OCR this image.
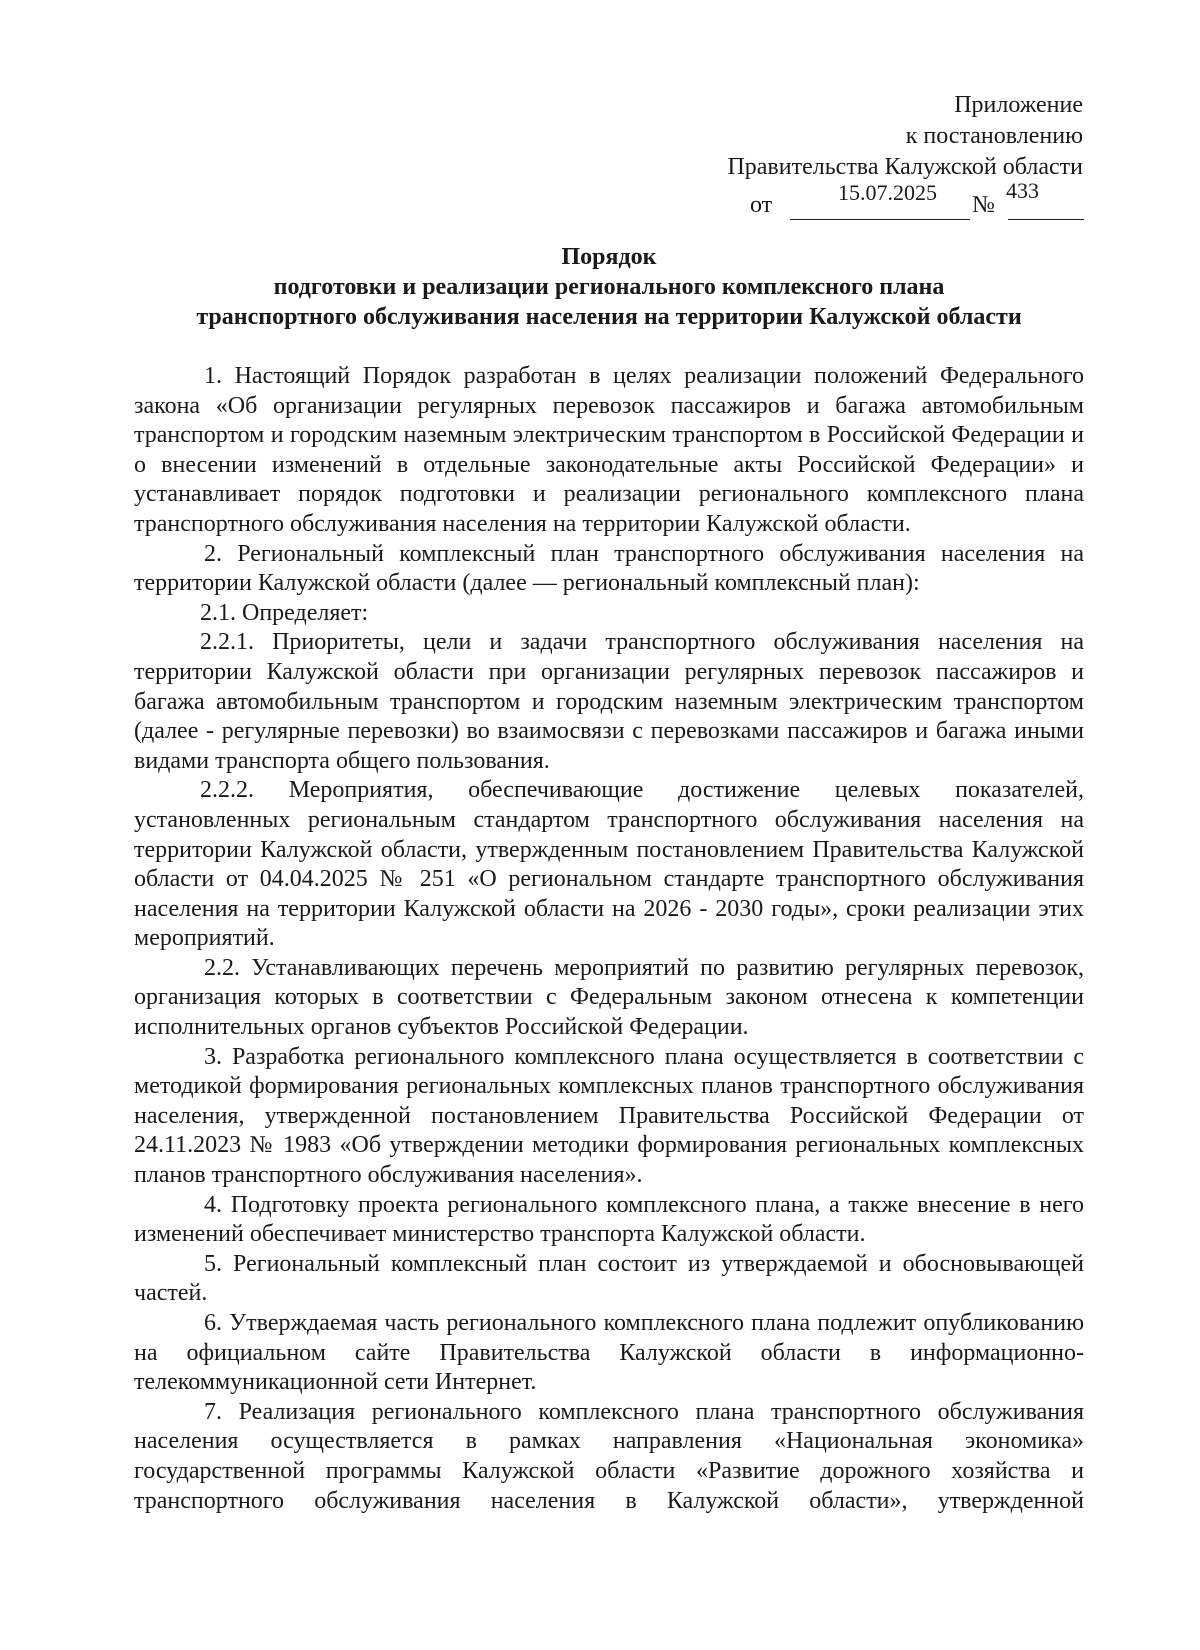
Приложение
к постановлению
Правительства Калужской области
от	15.07.2025 №
433
Порядок
подготовки и реализации регионального комплексного плана
транспортного обслуживания населения на территории Калужской области

1. Настоящий Порядок разработан в целях реализации положений Федерального закона «Об организации регулярных перевозок пассажиров и багажа автомобильным транспортом и городским наземным электрическим транспортом в Российской Федерации и о внесении изменений в отдельные законодательные акты Российской Федерации» и устанавливает порядок подготовки и реализации регионального комплексного плана транспортного обслуживания населения на территории Калужской области.

2. Региональный комплексный план транспортного обслуживания населения на территории Калужской области (далее — региональный комплексный план):

2.1. Определяет:

2.2.1. Приоритеты, цели и задачи транспортного обслуживания населения на территории Калужской области при организации регулярных перевозок пассажиров и багажа автомобильным транспортом и городским наземным электрическим транспортом (далее - регулярные перевозки) во взаимосвязи с перевозками пассажиров и багажа иными видами транспорта общего пользования.

2.2.2. Мероприятия, обеспечивающие достижение целевых показателей, установленных региональным стандартом транспортного обслуживания населения на территории Калужской области, утвержденным постановлением Правительства Калужской области от 04.04.2025 № 251 «О региональном стандарте транспортного обслуживания населения на территории Калужской области на 2026 - 2030 годы», сроки реализации этих мероприятий.

2.2. Устанавливающих перечень мероприятий по развитию регулярных перевозок, организация которых в соответствии с Федеральным законом отнесена к компетенции исполнительных органов субъектов Российской Федерации.

3. Разработка регионального комплексного плана осуществляется в соответствии с методикой формирования региональных комплексных планов транспортного обслуживания населения, утвержденной постановлением Правительства Российской Федерации от 24.11.2023 № 1983 «Об утверждении методики формирования региональных комплексных планов транспортного обслуживания населения».

4. Подготовку проекта регионального комплексного плана, а также внесение в него изменений обеспечивает министерство транспорта Калужской области.

5. Региональный комплексный план состоит из утверждаемой и обосновывающей частей.

6. Утверждаемая часть регионального комплексного плана подлежит опубликованию на официальном сайте Правительства Калужской области в информационно-телекоммуникационной сети Интернет.

7. Реализация регионального комплексного плана транспортного обслуживания населения осуществляется в рамках направления «Национальная экономика» государственной программы Калужской области «Развитие дорожного хозяйства и транспортного обслуживания населения в Калужской области», утвержденной
